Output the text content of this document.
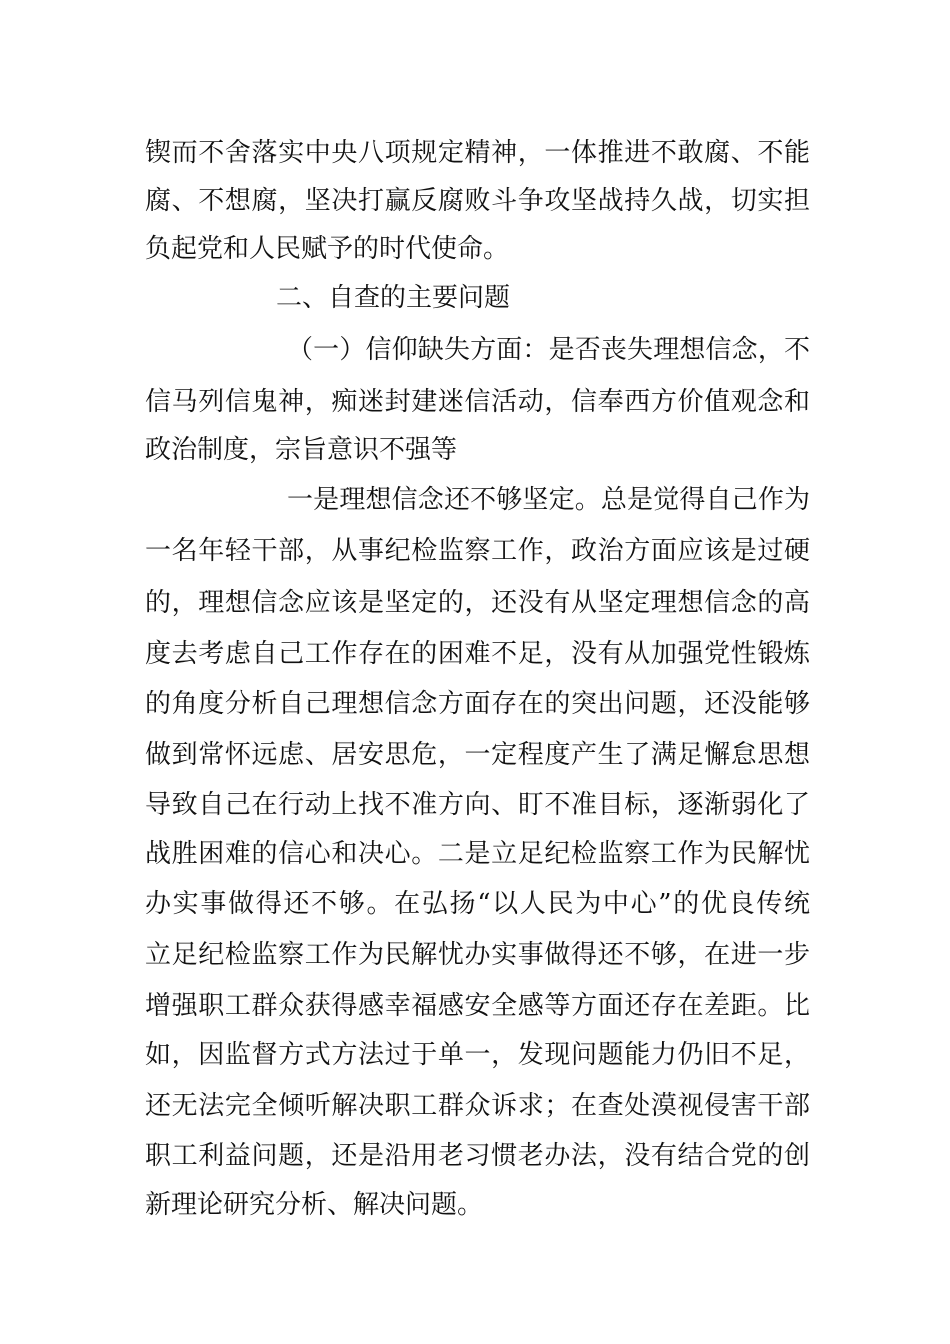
锲而不舍落实中央八项规定精神，一体推进不敢腐、不能
腐、不想腐，坚决打赢反腐败斗争攻坚战持久战，切实担
负起党和人民赋予的时代使命。
二、自查的主要问题
（一）信仰缺失方面：是否丧失理想信念，不
信马列信鬼神，痴迷封建迷信活动，信奉西方价值观念和
政治制度，宗旨意识不强等
一是理想信念还不够坚定。总是觉得自己作为
一名年轻干部，从事纪检监察工作，政治方面应该是过硬
的，理想信念应该是坚定的，还没有从坚定理想信念的高
度去考虑自己工作存在的困难不足，没有从加强党性锻炼
的角度分析自己理想信念方面存在的突出问题，还没能够
做到常怀远虑、居安思危，一定程度产生了满足懈怠思想
导致自己在行动上找不准方向、盯不准目标，逐渐弱化了
战胜困难的信心和决心。二是立足纪检监察工作为民解忧
办实事做得还不够。在弘扬“以人民为中心”的优良传统
立足纪检监察工作为民解忧办实事做得还不够，在进一步
增强职工群众获得感幸福感安全感等方面还存在差距。比
如，因监督方式方法过于单一，发现问题能力仍旧不足，
还无法完全倾听解决职工群众诉求；在查处漠视侵害干部
职工利益问题，还是沿用老习惯老办法，没有结合党的创
新理论研究分析、解决问题。
